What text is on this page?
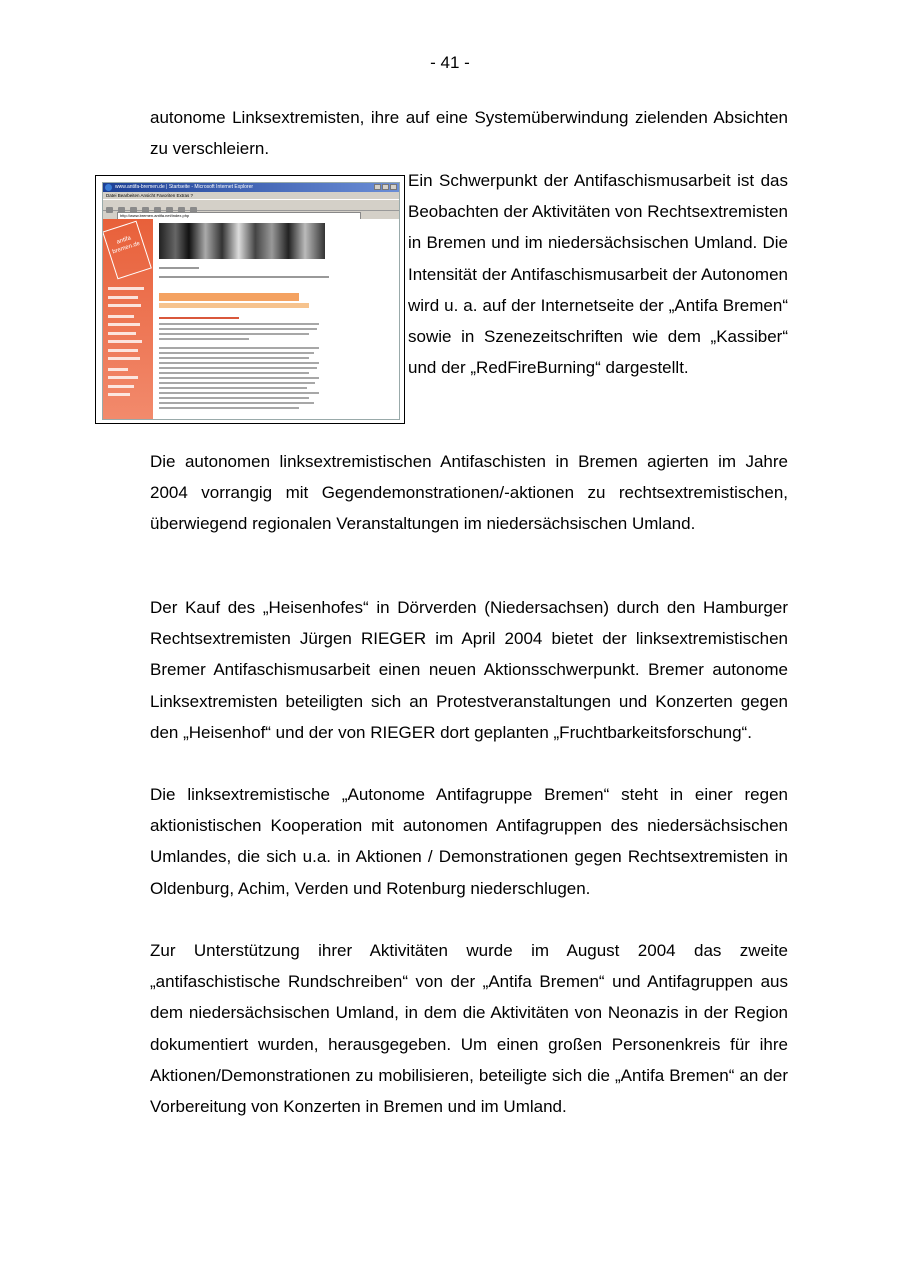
- 41 -

autonome Linksextremisten, ihre auf eine Systemüberwindung zielenden Absichten zu verschleiern.

www.antifa-bremen.de | Startseite - Microsoft Internet Explorer
Datei Bearbeiten Ansicht Favoriten Extras ?
http://www.bremen.antifa.net/index.php
antifa bremen.de

Ein Schwerpunkt der Antifaschismusarbeit ist das Beobachten der Aktivitäten von Rechtsextremisten in Bremen und im niedersächsischen Umland. Die Intensität der Antifaschismusarbeit der Autonomen wird u. a. auf der Internetseite der „Antifa Bremen“ sowie in Szenezeitschriften wie dem „Kassiber“ und der „RedFireBurning“ dargestellt.

Die autonomen linksextremistischen Antifaschisten in Bremen agierten im Jahre 2004 vorrangig mit Gegendemonstrationen/-aktionen zu rechtsextremistischen, überwiegend regionalen Veranstaltungen im niedersächsischen Umland.

Der Kauf des „Heisenhofes“ in Dörverden (Niedersachsen) durch den Hamburger Rechtsextremisten Jürgen RIEGER im April 2004 bietet der linksextremistischen Bremer Antifaschismusarbeit einen neuen Aktionsschwerpunkt. Bremer autonome Linksextremisten beteiligten sich an Protestveranstaltungen und Konzerten gegen den „Heisenhof“ und der von RIEGER dort geplanten „Fruchtbarkeitsforschung“.

Die linksextremistische „Autonome Antifagruppe Bremen“ steht in einer regen aktionistischen Kooperation mit autonomen Antifagruppen des niedersächsischen Umlandes, die sich u.a. in Aktionen / Demonstrationen gegen Rechtsextremisten in Oldenburg, Achim, Verden und Rotenburg niederschlugen.

Zur Unterstützung ihrer Aktivitäten wurde im August 2004 das zweite „antifaschistische Rundschreiben“ von der „Antifa Bremen“ und Antifagruppen aus dem niedersächsischen Umland, in dem die Aktivitäten von Neonazis in der Region dokumentiert wurden, herausgegeben. Um einen großen Personenkreis für ihre Aktionen/Demonstrationen zu mobilisieren, beteiligte sich die „Antifa Bremen“ an der Vorbereitung von Konzerten in Bremen und im Umland.
